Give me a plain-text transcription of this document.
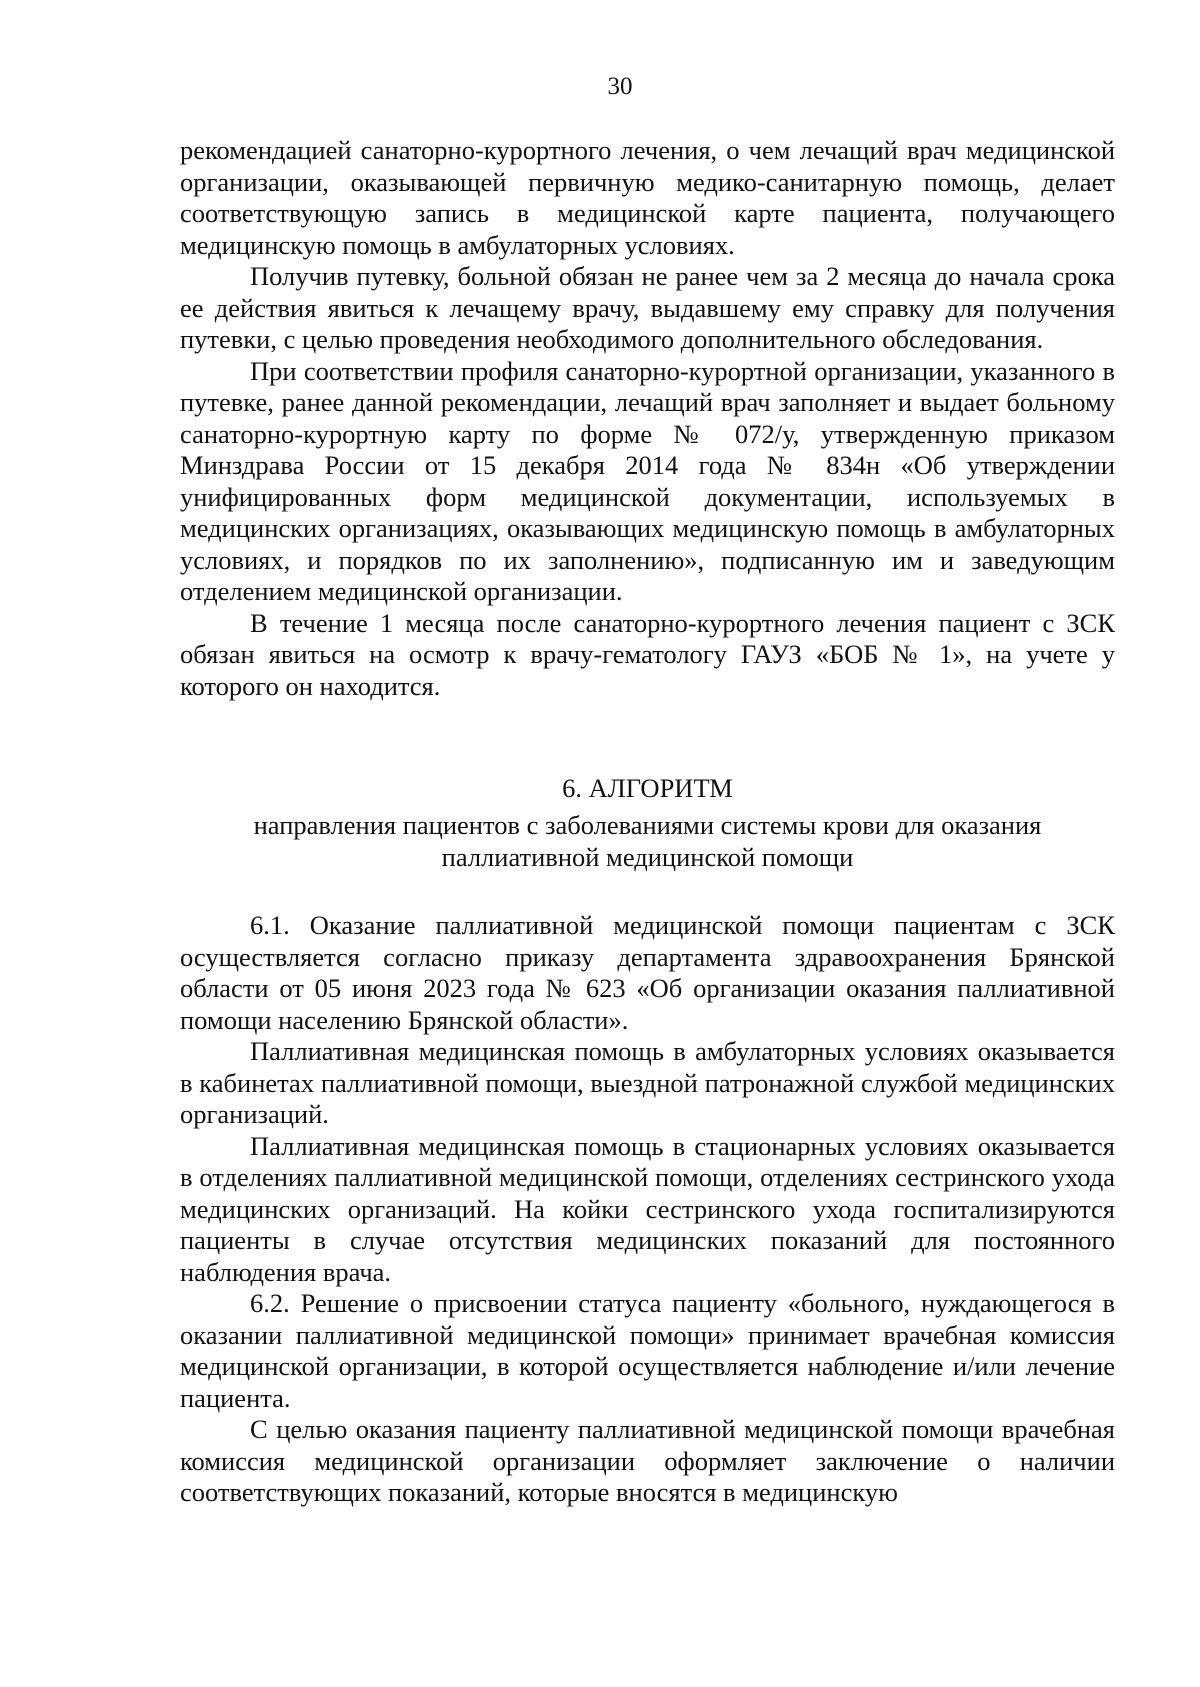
30

рекомендацией санаторно-курортного лечения, о чем лечащий врач медицинской организации, оказывающей первичную медико-санитарную помощь, делает соответствующую запись в медицинской карте пациента, получающего медицинскую помощь в амбулаторных условиях.

Получив путевку, больной обязан не ранее чем за 2 месяца до начала срока ее действия явиться к лечащему врачу, выдавшему ему справку для получения путевки, с целью проведения необходимого дополнительного обследования.

При соответствии профиля санаторно-курортной организации, указанного в путевке, ранее данной рекомендации, лечащий врач заполняет и выдает больному санаторно-курортную карту по форме № 072/у, утвержденную приказом Минздрава России от 15 декабря 2014 года № 834н «Об утверждении унифицированных форм медицинской документации, используемых в медицинских организациях, оказывающих медицинскую помощь в амбулаторных условиях, и порядков по их заполнению», подписанную им и заведующим отделением медицинской организации.

В течение 1 месяца после санаторно-курортного лечения пациент с ЗСК обязан явиться на осмотр к врачу-гематологу ГАУЗ «БОБ № 1», на учете у которого он находится.

6. АЛГОРИТМ
направления пациентов с заболеваниями системы крови для оказания паллиативной медицинской помощи

6.1. Оказание паллиативной медицинской помощи пациентам с ЗСК осуществляется согласно приказу департамента здравоохранения Брянской области от 05 июня 2023 года № 623 «Об организации оказания паллиативной помощи населению Брянской области».

Паллиативная медицинская помощь в амбулаторных условиях оказывается в кабинетах паллиативной помощи, выездной патронажной службой медицинских организаций.

Паллиативная медицинская помощь в стационарных условиях оказывается в отделениях паллиативной медицинской помощи, отделениях сестринского ухода медицинских организаций. На койки сестринского ухода госпитализируются пациенты в случае отсутствия медицинских показаний для постоянного наблюдения врача.

6.2. Решение о присвоении статуса пациенту «больного, нуждающегося в оказании паллиативной медицинской помощи» принимает врачебная комиссия медицинской организации, в которой осуществляется наблюдение и/или лечение пациента.

С целью оказания пациенту паллиативной медицинской помощи врачебная комиссия медицинской организации оформляет заключение о наличии соответствующих показаний, которые вносятся в медицинскую
